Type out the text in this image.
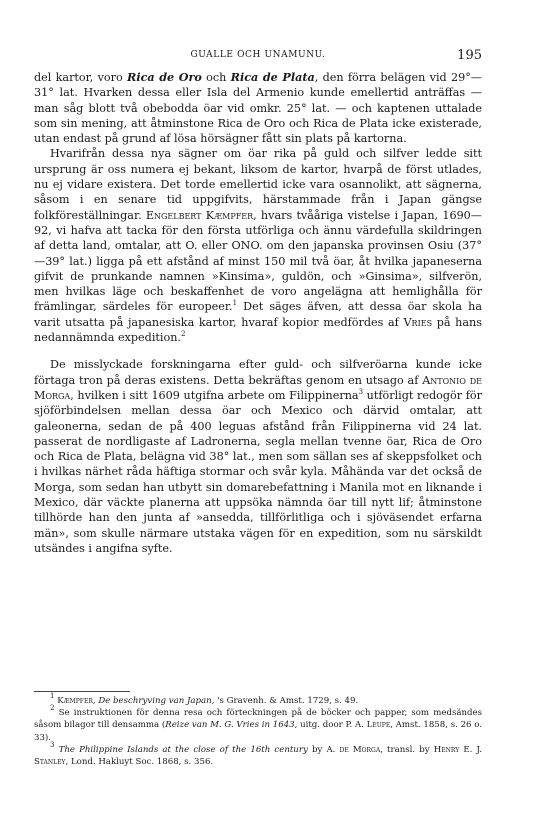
GUALLE OCH UNAMUNU.	195

del kartor, voro Rica de Oro och Rica de Plata, den förra belägen vid 29°—31° lat. Hvarken dessa eller Isla del Armenio kunde emellertid anträffas — man såg blott två obebodda öar vid omkr. 25° lat. — och kaptenen uttalade som sin mening, att åtminstone Rica de Oro och Rica de Plata icke existerade, utan endast på grund af lösa hörsägner fått sin plats på kartorna.

Hvarifrån dessa nya sägner om öar rika på guld och silfver ledde sitt ursprung är oss numera ej bekant, liksom de kartor, hvarpå de först utlades, nu ej vidare existera. Det torde emellertid icke vara osannolikt, att sägnerna, såsom i en senare tid uppgifvits, härstammade från i Japan gängse folkföreställningar. Engelbert Kæmpfer, hvars tvååriga vistelse i Japan, 1690—92, vi hafva att tacka för den första utförliga och ännu värdefulla skildringen af detta land, omtalar, att O. eller ONO. om den japanska provinsen Osiu (37°—39° lat.) ligga på ett afstånd af minst 150 mil två öar, åt hvilka japaneserna gifvit de prunkande namnen »Kinsima», guldön, och »Ginsima», silfverön, men hvilkas läge och beskaffenhet de voro angelägna att hemlighålla för främlingar, särdeles för europeer.$^1$ Det säges äfven, att dessa öar skola ha varit utsatta på japanesiska kartor, hvaraf kopior medfördes af Vries på hans nedannämnda expedition.$^2$

De misslyckade forskningarna efter guld- och silfveröarna kunde icke förtaga tron på deras existens. Detta bekräftas genom en utsago af Antonio de Morga, hvilken i sitt 1609 utgifna arbete om Filippinerna$^3$ utförligt redogör för sjöförbindelsen mellan dessa öar och Mexico och därvid omtalar, att galeonerna, sedan de på 400 leguas afstånd från Filippinerna vid 24 lat. passerat de nordligaste af Ladronerna, segla mellan tvenne öar, Rica de Oro och Rica de Plata, belägna vid 38° lat., men som sällan ses af skeppsfolket och i hvilkas närhet råda häftiga stormar och svår kyla. Måhända var det också de Morga, som sedan han utbytt sin domarebefattning i Manila mot en liknande i Mexico, där väckte planerna att uppsöka nämnda öar till nytt lif; åtminstone tillhörde han den junta af »ansedda, tillförlitliga och i sjöväsendet erfarna män», som skulle närmare utstaka vägen för en expedition, som nu särskildt utsändes i angifna syfte.

$^1$ Kæmpfer, De beschryving van Japan, 's Gravenh. & Amst. 1729, s. 49.

$^2$ Se instruktionen för denna resa och förteckningen på de böcker och papper, som medsändes såsom bilagor till densamma (Reize van M. G. Vries in 1643, uitg. door P. A. Leupe, Amst. 1858, s. 26 o. 33).

$^3$ The Philippine Islands at the close of the 16th century by A. de Morga, transl. by Henry E. J. Stanley, Lond. Hakluyt Soc. 1868, s. 356.
